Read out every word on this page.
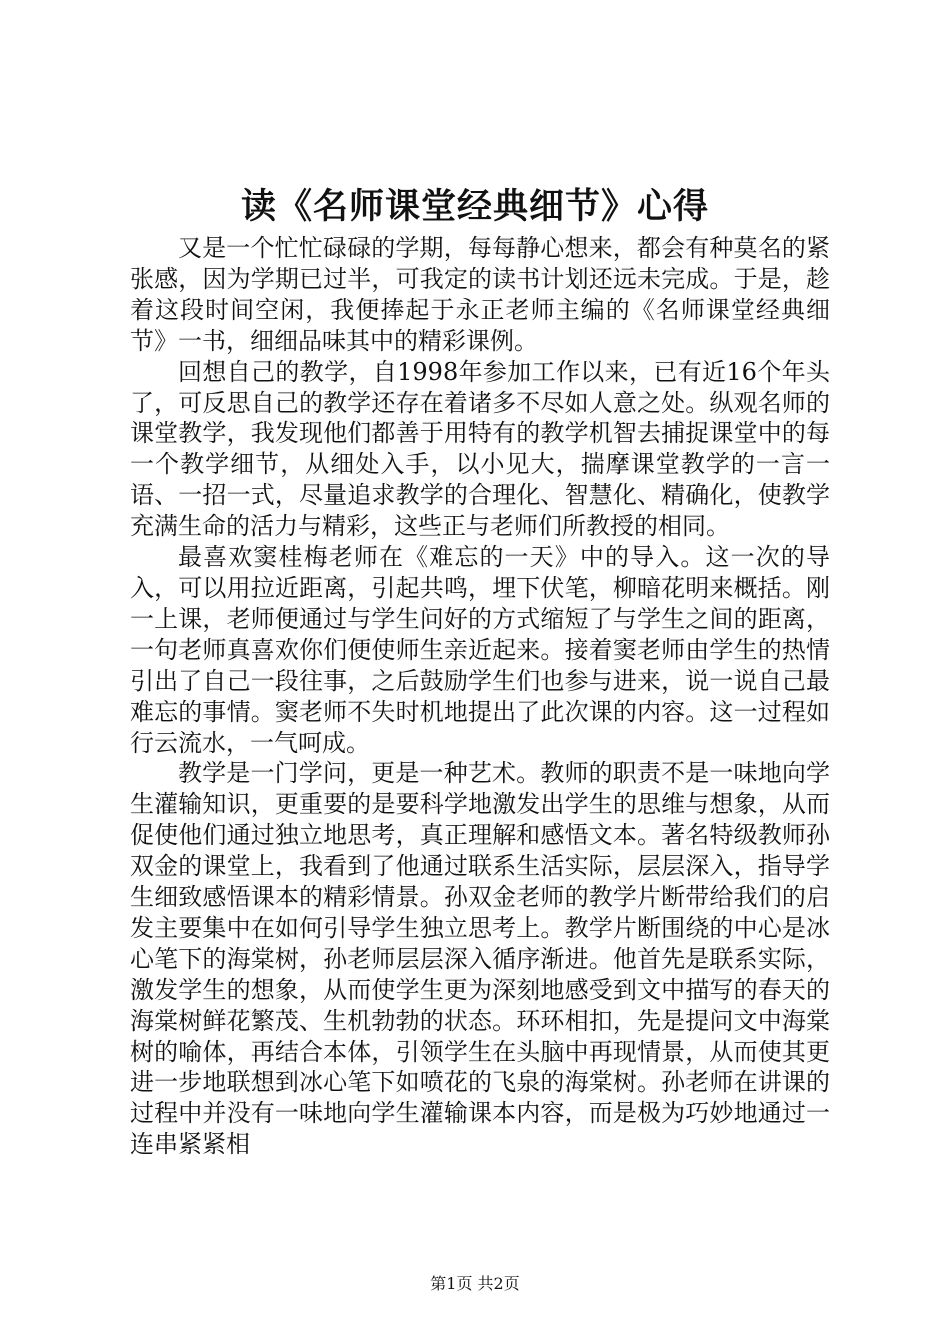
读《名师课堂经典细节》心得

又是一个忙忙碌碌的学期，每每静心想来，都会有种莫名的紧张感，因为学期已过半，可我定的读书计划还远未完成。于是，趁着这段时间空闲，我便捧起于永正老师主编的《名师课堂经典细节》一书，细细品味其中的精彩课例。

回想自己的教学，自1998年参加工作以来，已有近16个年头了，可反思自己的教学还存在着诸多不尽如人意之处。纵观名师的课堂教学，我发现他们都善于用特有的教学机智去捕捉课堂中的每一个教学细节，从细处入手，以小见大，揣摩课堂教学的一言一语、一招一式，尽量追求教学的合理化、智慧化、精确化，使教学充满生命的活力与精彩，这些正与老师们所教授的相同。

最喜欢窦桂梅老师在《难忘的一天》中的导入。这一次的导入，可以用拉近距离，引起共鸣，埋下伏笔，柳暗花明来概括。刚一上课，老师便通过与学生问好的方式缩短了与学生之间的距离，一句老师真喜欢你们便使师生亲近起来。接着窦老师由学生的热情引出了自己一段往事，之后鼓励学生们也参与进来，说一说自己最难忘的事情。窦老师不失时机地提出了此次课的内容。这一过程如行云流水，一气呵成。

教学是一门学问，更是一种艺术。教师的职责不是一味地向学生灌输知识，更重要的是要科学地激发出学生的思维与想象，从而促使他们通过独立地思考，真正理解和感悟文本。著名特级教师孙双金的课堂上，我看到了他通过联系生活实际，层层深入，指导学生细致感悟课本的精彩情景。孙双金老师的教学片断带给我们的启发主要集中在如何引导学生独立思考上。教学片断围绕的中心是冰心笔下的海棠树，孙老师层层深入循序渐进。他首先是联系实际，激发学生的想象，从而使学生更为深刻地感受到文中描写的春天的海棠树鲜花繁茂、生机勃勃的状态。环环相扣，先是提问文中海棠树的喻体，再结合本体，引领学生在头脑中再现情景，从而使其更进一步地联想到冰心笔下如喷花的飞泉的海棠树。孙老师在讲课的过程中并没有一味地向学生灌输课本内容，而是极为巧妙地通过一连串紧紧相

第1页 共2页
